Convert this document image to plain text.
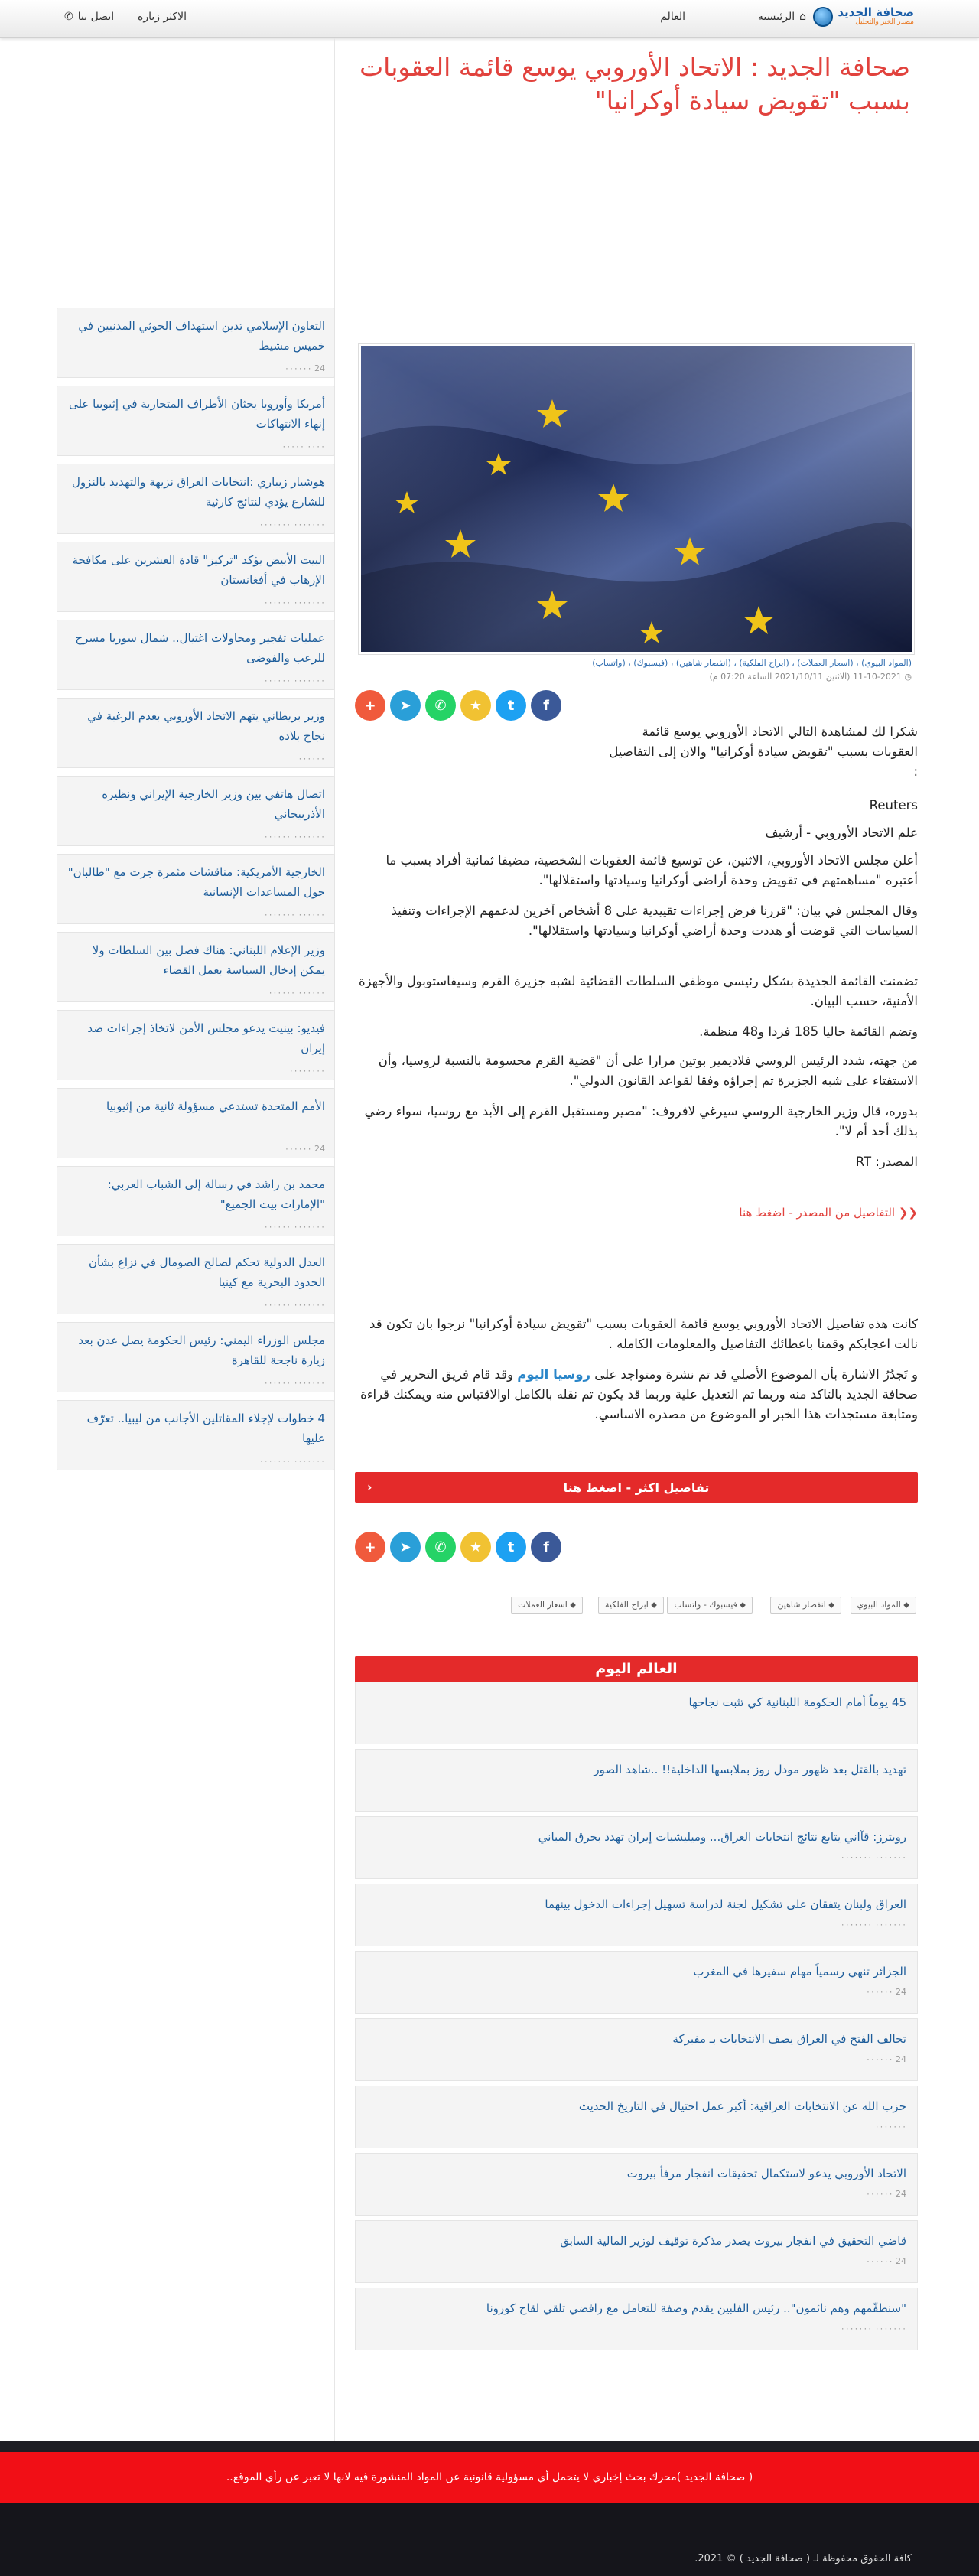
صحافة الجديد
مصدر الخبر والتحليل
⌂
الرئيسية
العالم
الاكثر زيارة
اتصل بنا
✆
التعاون الإسلامي تدين استهداف الحوثي المدنيين في خميس مشيط
24 ٠٠٠٠٠٠
أمريكا وأوروبا يحثان الأطراف المتحاربة في إثيوبيا على إنهاء الانتهاكات
٠٠٠٠ ٠٠٠٠٠
هوشيار زيباري :انتخابات العراق نزيهة والتهديد بالنزول للشارع يؤدي لنتائج كارثية
٠٠٠٠٠٠٠ ٠٠٠٠٠٠٠
البيت الأبيض يؤكد "تركيز" قادة العشرين على مكافحة الإرهاب في أفغانستان
٠٠٠٠٠٠٠ ٠٠٠٠٠٠
عمليات تفجير ومحاولات اغتيال.. شمال سوريا مسرح للرعب والفوضى
٠٠٠٠٠٠٠ ٠٠٠٠٠٠
وزير بريطاني يتهم الاتحاد الأوروبي بعدم الرغبة في نجاح بلاده
٠٠٠٠٠٠
اتصال هاتفي بين وزير الخارجية الإيراني ونظيره الأذربيجاني
٠٠٠٠٠٠٠ ٠٠٠٠٠٠
الخارجية الأمريكية: مناقشات مثمرة جرت مع "طالبان" حول المساعدات الإنسانية
٠٠٠٠٠٠ ٠٠٠٠٠٠٠
وزير الإعلام اللبناني: هناك فصل بين السلطات ولا يمكن إدخال السياسة بعمل القضاء
٠٠٠٠٠٠ ٠٠٠٠٠٠
فيديو: بينيت يدعو مجلس الأمن لاتخاذ إجراءات ضد إيران
٠٠٠٠٠٠٠٠
الأمم المتحدة تستدعي مسؤولة ثانية من إثيوبيا
24 ٠٠٠٠٠٠
محمد بن راشد في رسالة إلى الشباب العربي: "الإمارات بيت الجميع"
٠٠٠٠٠٠٠ ٠٠٠٠٠٠
العدل الدولية تحكم لصالح الصومال في نزاع بشأن الحدود البحرية مع كينيا
٠٠٠٠٠٠٠ ٠٠٠٠٠٠
مجلس الوزراء اليمني: رئيس الحكومة يصل عدن بعد زيارة ناجحة للقاهرة
٠٠٠٠٠٠٠ ٠٠٠٠٠٠
4 خطوات لإجلاء المقاتلين الأجانب من ليبيا.. تعرّف عليها
٠٠٠٠٠٠٠ ٠٠٠٠٠٠٠
صحافة الجديد : الاتحاد الأوروبي يوسع قائمة العقوبات بسبب "تقويض سيادة أوكرانيا"
(المواد البيوي) ، (اسعار العملات) ، (ابراج الفلكية) ، (انفصار شاهين) ، (فيسبوك) ، (واتساب)
◷ 11-10-2021 (الاثنين 2021/10/11 الساعة 07:20 م)
+ ➤ ✆ ★ t f
شكرا لك لمشاهدة التالي الاتحاد الأوروبي يوسع قائمة العقوبات بسبب "تقويض سيادة أوكرانيا" والان إلى التفاصيل :
Reuters
علم الاتحاد الأوروبي - أرشيف
أعلن مجلس الاتحاد الأوروبي، الاثنين، عن توسيع قائمة العقوبات الشخصية، مضيفا ثمانية أفراد بسبب ما أعتبره "مساهمتهم في تقويض وحدة أراضي أوكرانيا وسيادتها واستقلالها".
وقال المجلس في بيان: "قررنا فرض إجراءات تقييدية على 8 أشخاص آخرين لدعمهم الإجراءات وتنفيذ السياسات التي قوضت أو هددت وحدة أراضي أوكرانيا وسيادتها واستقلالها".
تضمنت القائمة الجديدة بشكل رئيسي موظفي السلطات القضائية لشبه جزيرة القرم وسيفاستوبول والأجهزة الأمنية، حسب البيان.
وتضم القائمة حاليا 185 فردا و48 منظمة.
من جهته، شدد الرئيس الروسي فلاديمير بوتين مرارا على أن "قضية القرم محسومة بالنسبة لروسيا، وأن الاستفتاء على شبه الجزيرة تم إجراؤه وفقا لقواعد القانون الدولي".
بدوره، قال وزير الخارجية الروسي سيرغي لافروف: "مصير ومستقبل القرم إلى الأبد مع روسيا، سواء رضي بذلك أحد أم لا".
المصدر: RT
❮❮ التفاصيل من المصدر - اضغط هنا
كانت هذه تفاصيل الاتحاد الأوروبي يوسع قائمة العقوبات بسبب "تقويض سيادة أوكرانيا" نرجوا بان تكون قد نالت اعجابكم وقمنا باعطائك التفاصيل والمعلومات الكامله .
و تَجدُرُ الاشارة بأن الموضوع الأصلي قد تم نشرة ومتواجد على روسيا اليوم وقد قام فريق التحرير في صحافة الجديد بالتاكد منه وربما تم التعديل علية وربما قد يكون تم نقله بالكامل اوالاقتباس منه ويمكنك قراءة ومتابعة مستجدات هذا الخبر او الموضوع من مصدره الاساسي.
تفاصيل اكثر - اضغط هنا
‹
+ ➤ ✆ ★ t f
⬥ المواد البيوي
⬥ انفصار شاهين
⬥ فيسبوك - واتساب
⬥ ابراج الفلكية
⬥ اسعار العملات
العالم اليوم
45 يوماً أمام الحكومة اللبنانية كي تثبت نجاحها
تهديد بالقتل بعد ظهور مودل روز بملابسها الداخلية!! ..شاهد الصور
رويترز: قآاني يتابع نتائج انتخابات العراق... وميليشيات إيران تهدد بحرق المباني
٠٠٠٠٠٠٠ ٠٠٠٠٠٠٠
العراق ولبنان يتفقان على تشكيل لجنة لدراسة تسهيل إجراءات الدخول بينهما
٠٠٠٠٠٠٠ ٠٠٠٠٠٠٠
الجزائر تنهي رسمياً مهام سفيرها في المغرب
24 ٠٠٠٠٠٠
تحالف الفتح في العراق يصف الانتخابات بـ مفبركة
24 ٠٠٠٠٠٠
حزب الله عن الانتخابات العراقية: أكبر عمل احتيال في التاريخ الحديث
٠٠٠٠٠٠٠
الاتحاد الأوروبي يدعو لاستكمال تحقيقات انفجار مرفأ بيروت
24 ٠٠٠٠٠٠
قاضي التحقيق في انفجار بيروت يصدر مذكرة توقيف لوزير المالية السابق
24 ٠٠٠٠٠٠
"سنطفّمهم وهم نائمون".. رئيس الفلبين يقدم وصفة للتعامل مع رافضي تلقي لقاح كورونا
٠٠٠٠٠٠٠ ٠٠٠٠٠٠٠
( صحافة الجديد )محرك بحث إخباري لا يتحمل أي مسؤولية قانونية عن المواد المنشورة فيه لانها لا تعبر عن رأي الموقع..
كافة الحقوق محفوظة لـ ( صحافة الجديد ) © 2021.
